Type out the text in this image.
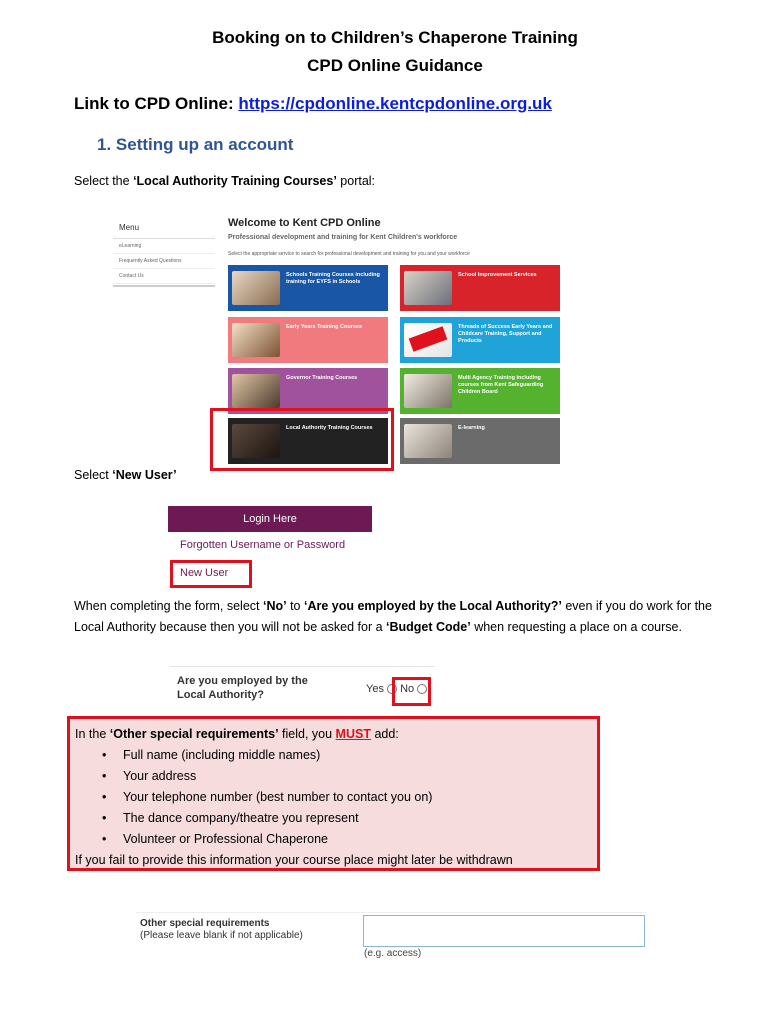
Booking on to Children’s Chaperone Training
CPD Online Guidance
Link to CPD Online: https://cpdonline.kentcpdonline.org.uk
1. Setting up an account
Select the ‘Local Authority Training Courses’ portal:
Menu
eLearning
Frequently Asked Questions
Contact Us
Welcome to Kent CPD Online
Professional development and training for Kent Children's workforce
Select the appropriate service to search for professional development and training for you and your workforce
Schools Training Courses including training for EYFS in Schools
School Improvement Services
Early Years Training Courses	Threads of Success Early Years and Childcare Training, Support and Products
Governor Training Courses	Multi Agency Training including courses from Kent Safeguarding Children Board
Local Authority Training Courses	E-learning
Select ‘New User’
Login Here
Forgotten Username or Password
New User
When completing the form, select ‘No’ to ‘Are you employed by the Local Authority?’ even if you do work for the Local Authority because then you will not be asked for a ‘Budget Code’ when requesting a place on a course.
Are you employed by the Local Authority?	Yes No
In the ‘Other special requirements’ field, you MUST add:
• Full name (including middle names)
• Your address
• Your telephone number (best number to contact you on)
• The dance company/theatre you represent
• Volunteer or Professional Chaperone
If you fail to provide this information your course place might later be withdrawn
Other special requirements
(Please leave blank if not applicable)
(e.g. access)
